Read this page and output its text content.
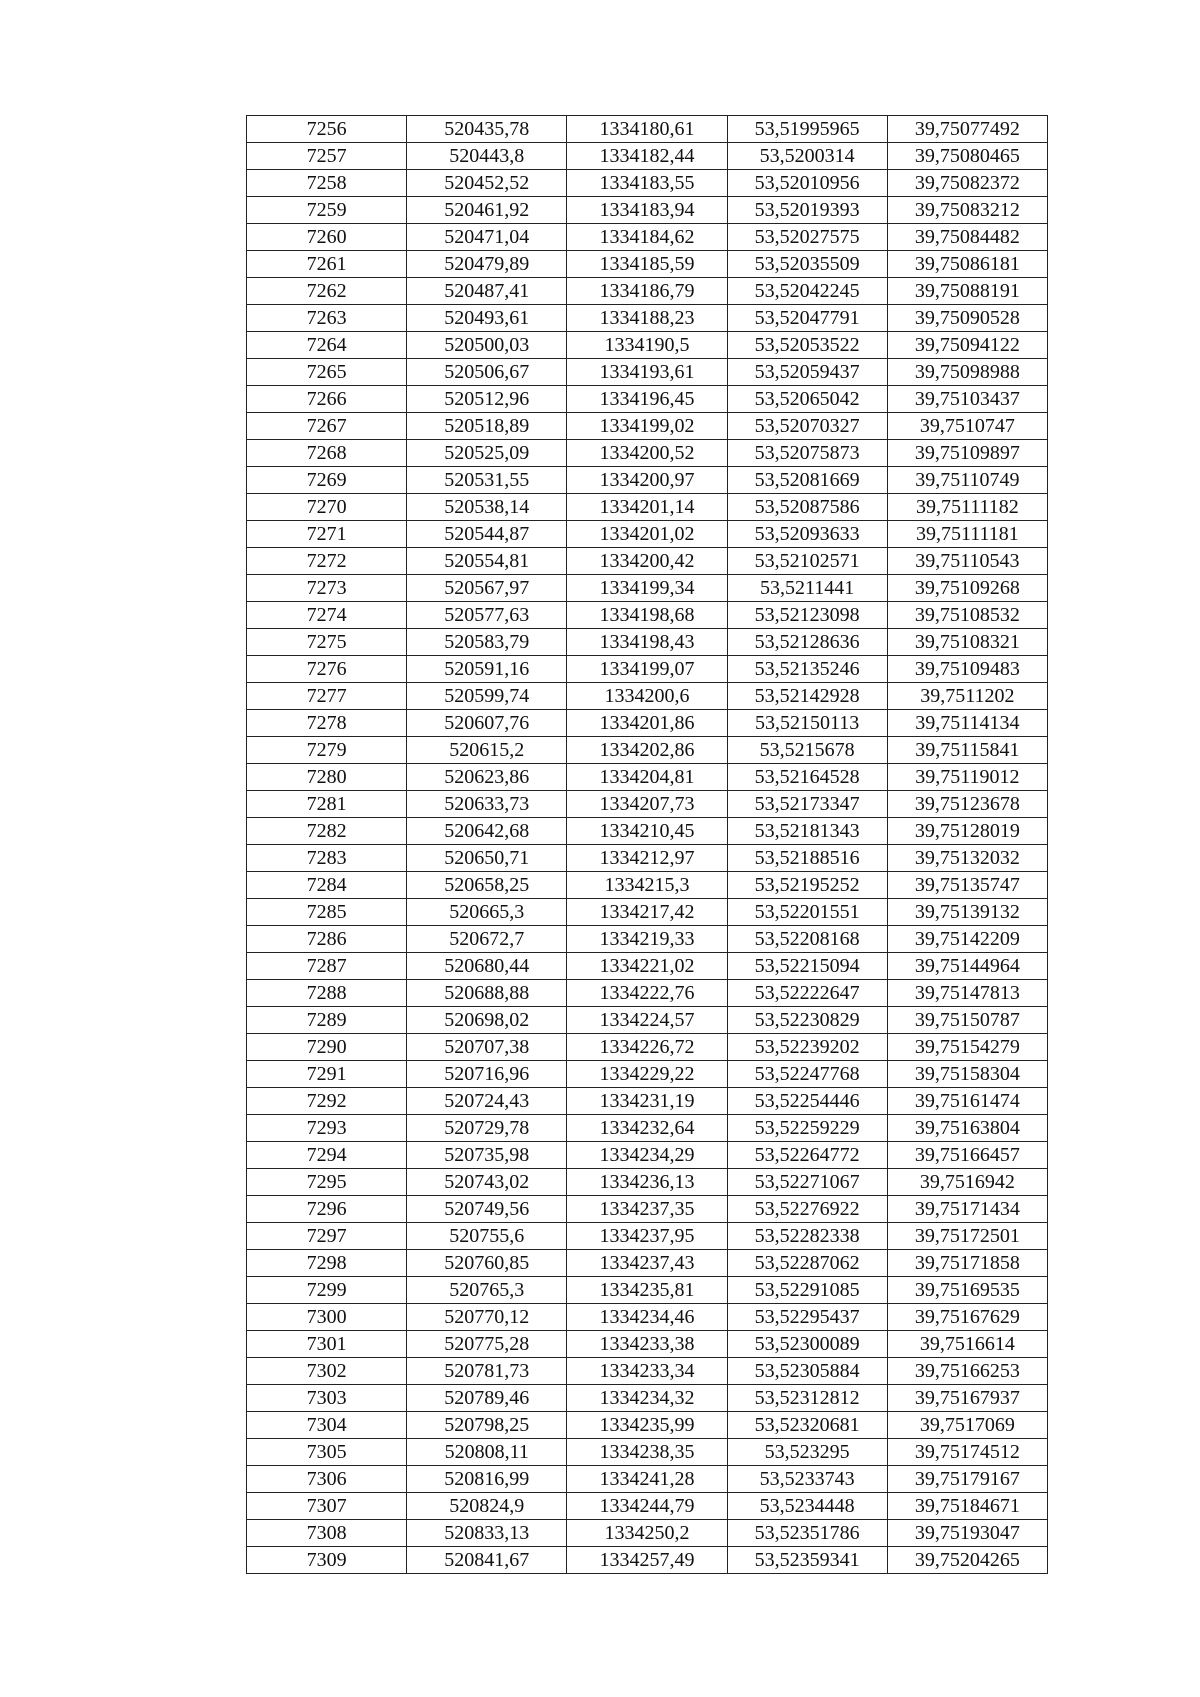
7256	520435,78	1334180,61	53,51995965	39,75077492
7257	520443,8	1334182,44	53,5200314	39,75080465
7258	520452,52	1334183,55	53,52010956	39,75082372
7259	520461,92	1334183,94	53,52019393	39,75083212
7260	520471,04	1334184,62	53,52027575	39,75084482
7261	520479,89	1334185,59	53,52035509	39,75086181
7262	520487,41	1334186,79	53,52042245	39,75088191
7263	520493,61	1334188,23	53,52047791	39,75090528
7264	520500,03	1334190,5	53,52053522	39,75094122
7265	520506,67	1334193,61	53,52059437	39,75098988
7266	520512,96	1334196,45	53,52065042	39,75103437
7267	520518,89	1334199,02	53,52070327	39,7510747
7268	520525,09	1334200,52	53,52075873	39,75109897
7269	520531,55	1334200,97	53,52081669	39,75110749
7270	520538,14	1334201,14	53,52087586	39,75111182
7271	520544,87	1334201,02	53,52093633	39,75111181
7272	520554,81	1334200,42	53,52102571	39,75110543
7273	520567,97	1334199,34	53,5211441	39,75109268
7274	520577,63	1334198,68	53,52123098	39,75108532
7275	520583,79	1334198,43	53,52128636	39,75108321
7276	520591,16	1334199,07	53,52135246	39,75109483
7277	520599,74	1334200,6	53,52142928	39,7511202
7278	520607,76	1334201,86	53,52150113	39,75114134
7279	520615,2	1334202,86	53,5215678	39,75115841
7280	520623,86	1334204,81	53,52164528	39,75119012
7281	520633,73	1334207,73	53,52173347	39,75123678
7282	520642,68	1334210,45	53,52181343	39,75128019
7283	520650,71	1334212,97	53,52188516	39,75132032
7284	520658,25	1334215,3	53,52195252	39,75135747
7285	520665,3	1334217,42	53,52201551	39,75139132
7286	520672,7	1334219,33	53,52208168	39,75142209
7287	520680,44	1334221,02	53,52215094	39,75144964
7288	520688,88	1334222,76	53,52222647	39,75147813
7289	520698,02	1334224,57	53,52230829	39,75150787
7290	520707,38	1334226,72	53,52239202	39,75154279
7291	520716,96	1334229,22	53,52247768	39,75158304
7292	520724,43	1334231,19	53,52254446	39,75161474
7293	520729,78	1334232,64	53,52259229	39,75163804
7294	520735,98	1334234,29	53,52264772	39,75166457
7295	520743,02	1334236,13	53,52271067	39,7516942
7296	520749,56	1334237,35	53,52276922	39,75171434
7297	520755,6	1334237,95	53,52282338	39,75172501
7298	520760,85	1334237,43	53,52287062	39,75171858
7299	520765,3	1334235,81	53,52291085	39,75169535
7300	520770,12	1334234,46	53,52295437	39,75167629
7301	520775,28	1334233,38	53,52300089	39,7516614
7302	520781,73	1334233,34	53,52305884	39,75166253
7303	520789,46	1334234,32	53,52312812	39,75167937
7304	520798,25	1334235,99	53,52320681	39,7517069
7305	520808,11	1334238,35	53,523295	39,75174512
7306	520816,99	1334241,28	53,5233743	39,75179167
7307	520824,9	1334244,79	53,5234448	39,75184671
7308	520833,13	1334250,2	53,52351786	39,75193047
7309	520841,67	1334257,49	53,52359341	39,75204265
